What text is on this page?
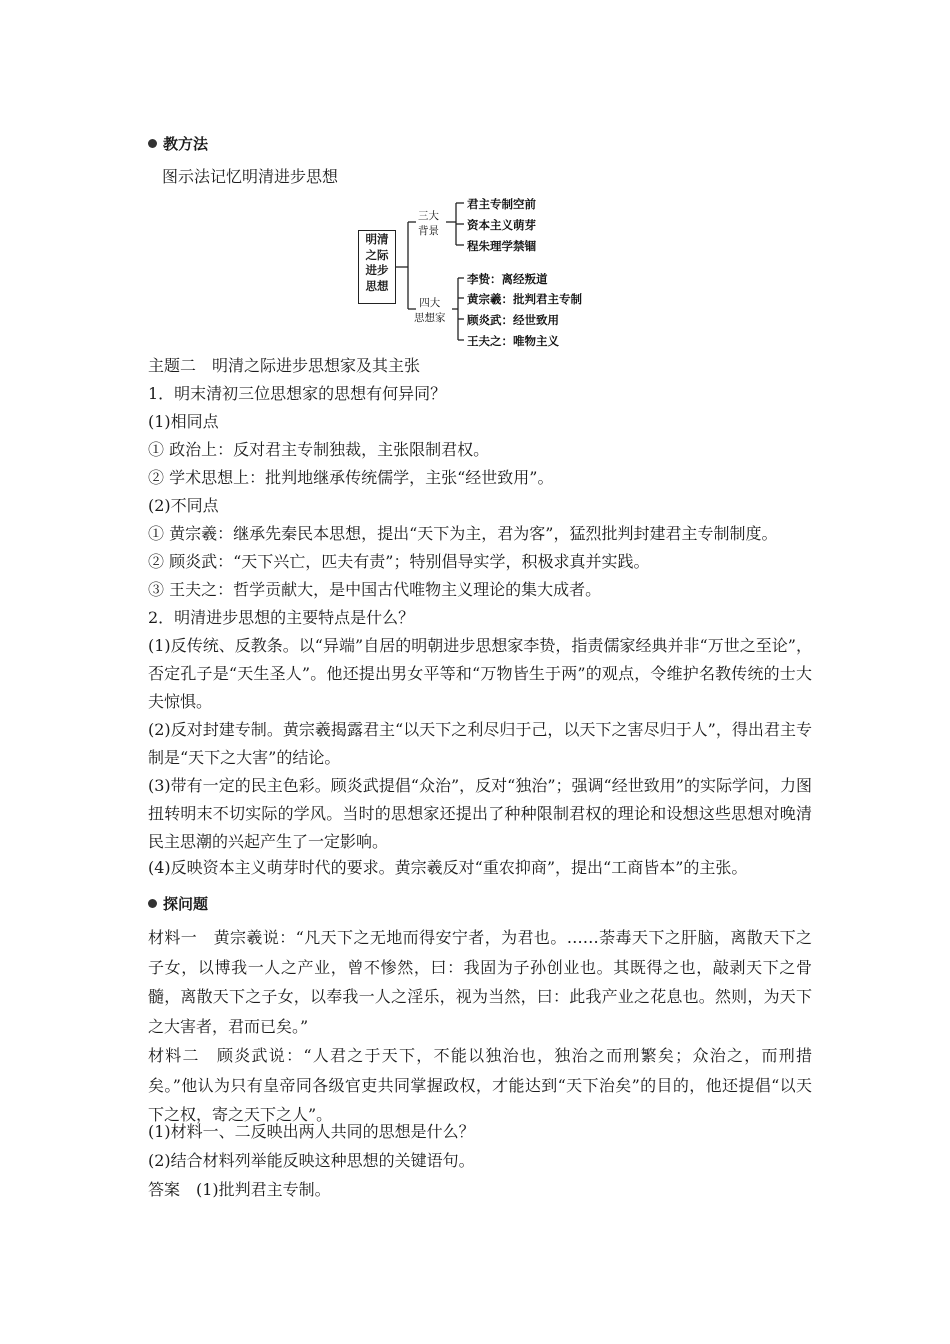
教方法
图示法记忆明清进步思想
明清
之际
进步
思想
三大
背景
君主专制空前
资本主义萌芽
程朱理学禁锢
四大
思想家
李贽：离经叛道
黄宗羲：批判君主专制
顾炎武：经世致用
王夫之：唯物主义
主题二　明清之际进步思想家及其主张
1．明末清初三位思想家的思想有何异同？
(1)相同点
① 政治上：反对君主专制独裁，主张限制君权。
② 学术思想上：批判地继承传统儒学，主张“经世致用”。
(2)不同点
① 黄宗羲：继承先秦民本思想，提出“天下为主，君为客”，猛烈批判封建君主专制制度。
② 顾炎武：“天下兴亡，匹夫有责”；特别倡导实学，积极求真并实践。
③ 王夫之：哲学贡献大，是中国古代唯物主义理论的集大成者。
2．明清进步思想的主要特点是什么？
(1)反传统、反教条。以“异端”自居的明朝进步思想家李贽，指责儒家经典并非“万世之至论”，否定孔子是“天生圣人”。他还提出男女平等和“万物皆生于两”的观点，令维护名教传统的士大夫惊惧。
(2)反对封建专制。黄宗羲揭露君主“以天下之利尽归于己，以天下之害尽归于人”，得出君主专制是“天下之大害”的结论。
(3)带有一定的民主色彩。顾炎武提倡“众治”，反对“独治”；强调“经世致用”的实际学问，力图扭转明末不切实际的学风。当时的思想家还提出了种种限制君权的理论和设想这些思想对晚清民主思潮的兴起产生了一定影响。
(4)反映资本主义萌芽时代的要求。黄宗羲反对“重农抑商”，提出“工商皆本”的主张。
探问题
材料一　黄宗羲说：“凡天下之无地而得安宁者，为君也。……荼毒天下之肝脑，离散天下之子女，以博我一人之产业，曾不惨然，曰：我固为子孙创业也。其既得之也，敲剥天下之骨髓，离散天下之子女，以奉我一人之淫乐，视为当然，曰：此我产业之花息也。然则，为天下之大害者，君而已矣。”
材料二　顾炎武说：“人君之于天下，不能以独治也，独治之而刑繁矣；众治之，而刑措矣。”他认为只有皇帝同各级官吏共同掌握政权，才能达到“天下治矣”的目的，他还提倡“以天下之权，寄之天下之人”。
(1)材料一、二反映出两人共同的思想是什么？
(2)结合材料列举能反映这种思想的关键语句。
答案　(1)批判君主专制。
